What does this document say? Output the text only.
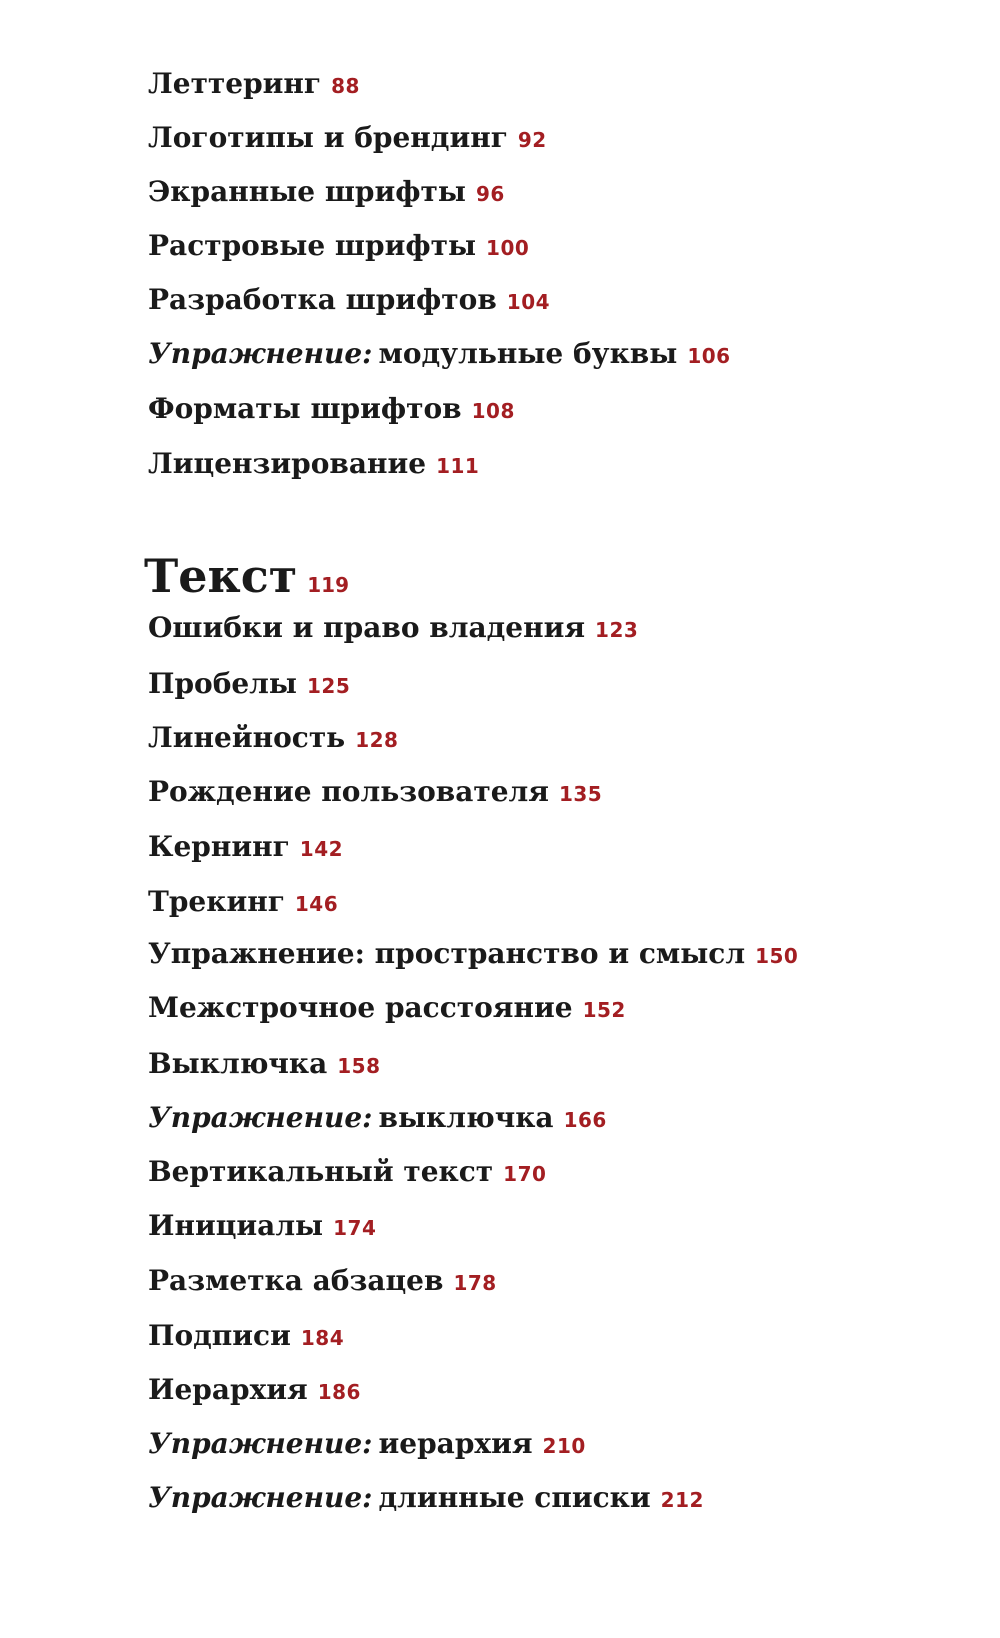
Леттеринг 88
Логотипы и брендинг 92
Экранные шрифты 96
Растровые шрифты 100
Разработка шрифтов 104
Упражнение: модульные буквы 106
Форматы шрифтов 108
Лицензирование 111
Текст 119
Ошибки и право владения 123
Пробелы 125
Линейность 128
Рождение пользователя 135
Кернинг 142
Трекинг 146
Упражнение: пространство и смысл 150
Межстрочное расстояние 152
Выключка 158
Упражнение: выключка 166
Вертикальный текст 170
Инициалы 174
Разметка абзацев 178
Подписи 184
Иерархия 186
Упражнение: иерархия 210
Упражнение: длинные списки 212
